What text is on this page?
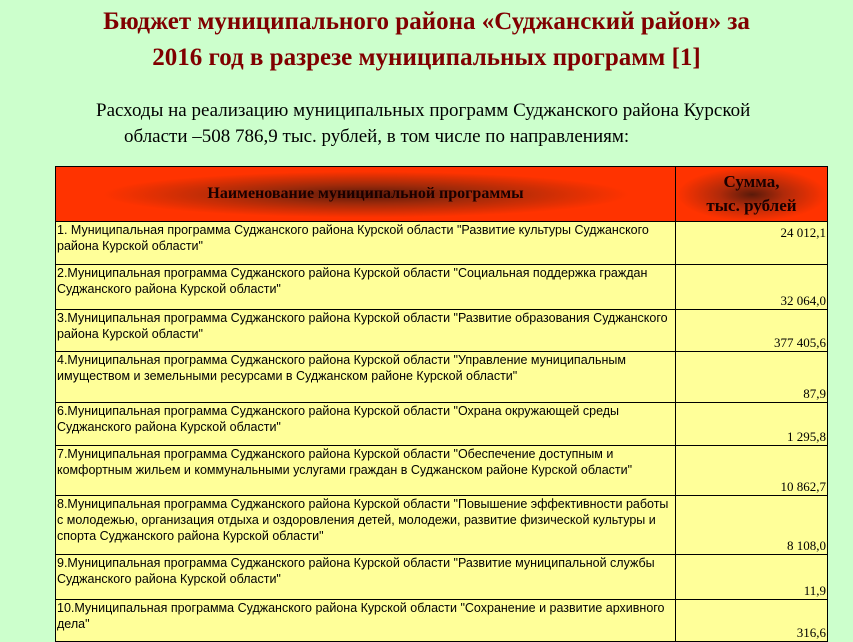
Бюджет муниципального района «Суджанский район» за
2016 год в разрезе муниципальных программ [1]
Расходы на реализацию муниципальных программ Суджанского района Курской
области –508 786,9 тыс. рублей, в том числе по направлениям:
Наименование муниципальной программы	Сумма,
тыс. рублей
1. Муниципальная программа Суджанского района Курской области "Развитие культуры Суджанского района Курской области"	24 012,1
2.Муниципальная программа Суджанского района Курской области "Социальная поддержка граждан Суджанского района Курской области"	32 064,0
3.Муниципальная программа Суджанского района Курской области "Развитие образования Суджанского района Курской области"	377 405,6
4.Муниципальная программа Суджанского района Курской области "Управление муниципальным имуществом и земельными ресурсами в Суджанском районе Курской области"	87,9
6.Муниципальная программа Суджанского района Курской области "Охрана окружающей среды Суджанского района Курской области"	1 295,8
7.Муниципальная программа Суджанского района Курской области "Обеспечение доступным и комфортным жильем и коммунальными услугами граждан в Суджанском районе Курской области"	10 862,7
8.Муниципальная программа Суджанского района Курской области "Повышение эффективности работы с молодежью, организация отдыха и оздоровления детей, молодежи, развитие физической культуры и спорта Суджанского района Курской области"	8 108,0
9.Муниципальная программа Суджанского района Курской области "Развитие муниципальной службы Суджанского района Курской области"	11,9
10.Муниципальная программа Суджанского района Курской области "Сохранение и развитие архивного дела"	316,6
